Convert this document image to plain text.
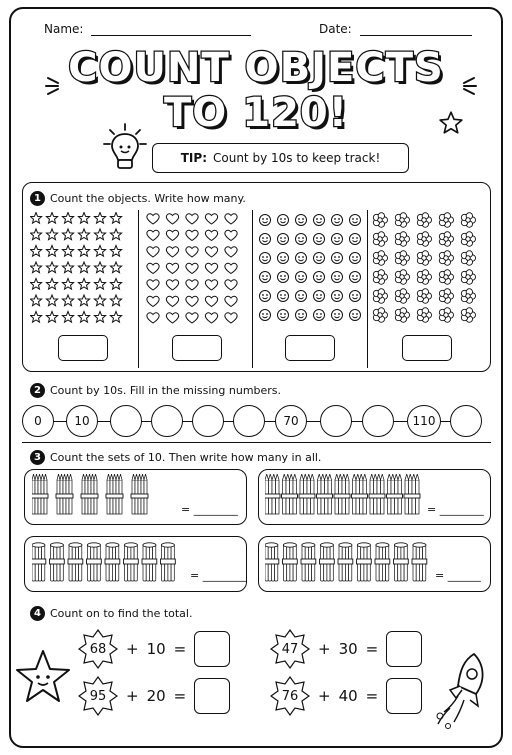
Name:	Date:
COUNT OBJECTS
TO 120!
TIP: Count by 10s to keep track!
1 Count the objects. Write how many.
2 Count by 10s. Fill in the missing numbers.
0	10	70	110
3 Count the sets of 10. Then write how many in all.
= ________	= ________
= ________	= ______
4 Count on to find the total.
68 + 10 =	47 + 30 =
95 + 20 =	76 + 40 =
